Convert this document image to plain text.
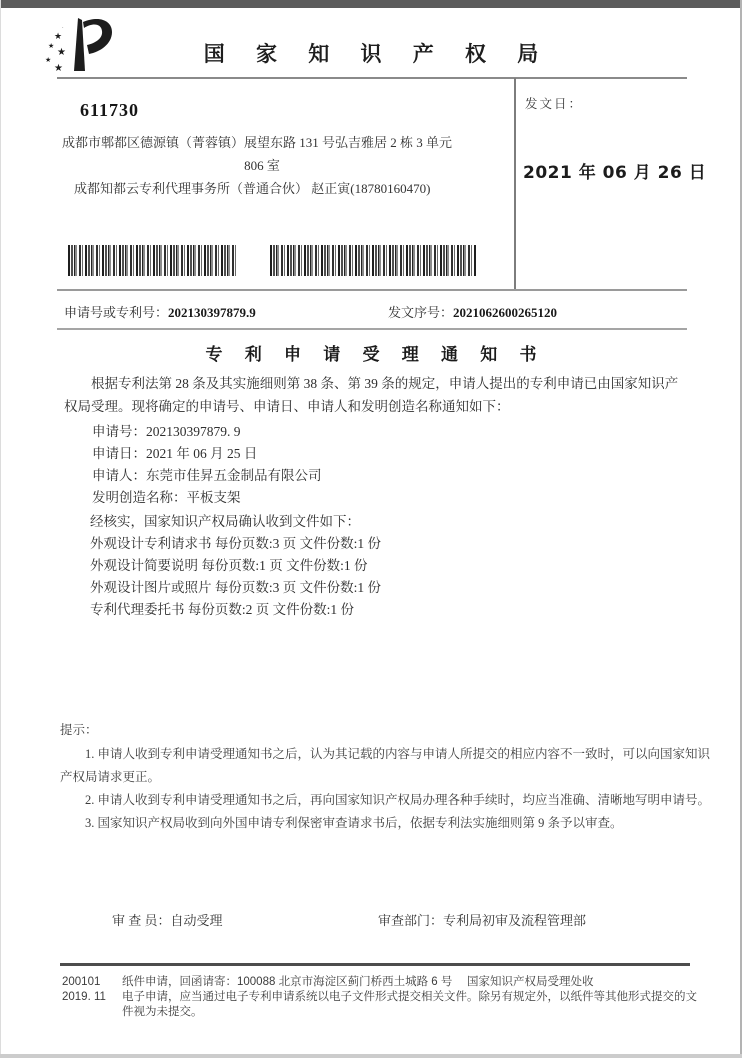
★
★
★
★
★
·
国 家 知 识 产 权 局
发文日：
2021 年 06 月 26 日
611730
成都市郫都区德源镇（菁蓉镇）展望东路 131 号弘吉雅居 2 栋 3 单元
806 室
成都知都云专利代理事务所（普通合伙） 赵正寅(18780160470)
申请号或专利号：202130397879.9	发文序号：2021062600265120
专 利 申 请 受 理 通 知 书
根据专利法第 28 条及其实施细则第 38 条、第 39 条的规定，申请人提出的专利申请已由国家知识产权局受理。现将确定的申请号、申请日、申请人和发明创造名称通知如下：
申请号：202130397879. 9
申请日：2021 年 06 月 25 日
申请人：东莞市佳昇五金制品有限公司
发明创造名称：平板支架
经核实，国家知识产权局确认收到文件如下：
外观设计专利请求书 每份页数:3 页 文件份数:1 份
外观设计简要说明 每份页数:1 页 文件份数:1 份
外观设计图片或照片 每份页数:3 页 文件份数:1 份
专利代理委托书 每份页数:2 页 文件份数:1 份
提示：
1. 申请人收到专利申请受理通知书之后，认为其记载的内容与申请人所提交的相应内容不一致时，可以向国家知识产权局请求更正。
2. 申请人收到专利申请受理通知书之后，再向国家知识产权局办理各种手续时，均应当准确、清晰地写明申请号。
3. 国家知识产权局收到向外国申请专利保密审查请求书后，依据专利法实施细则第 9 条予以审查。
审 查 员：自动受理	审查部门：专利局初审及流程管理部
200101
2019. 11
纸件申请，回函请寄：100088 北京市海淀区蓟门桥西土城路 6 号　 国家知识产权局受理处收
电子申请，应当通过电子专利申请系统以电子文件形式提交相关文件。除另有规定外，以纸件等其他形式提交的文件视为未提交。
